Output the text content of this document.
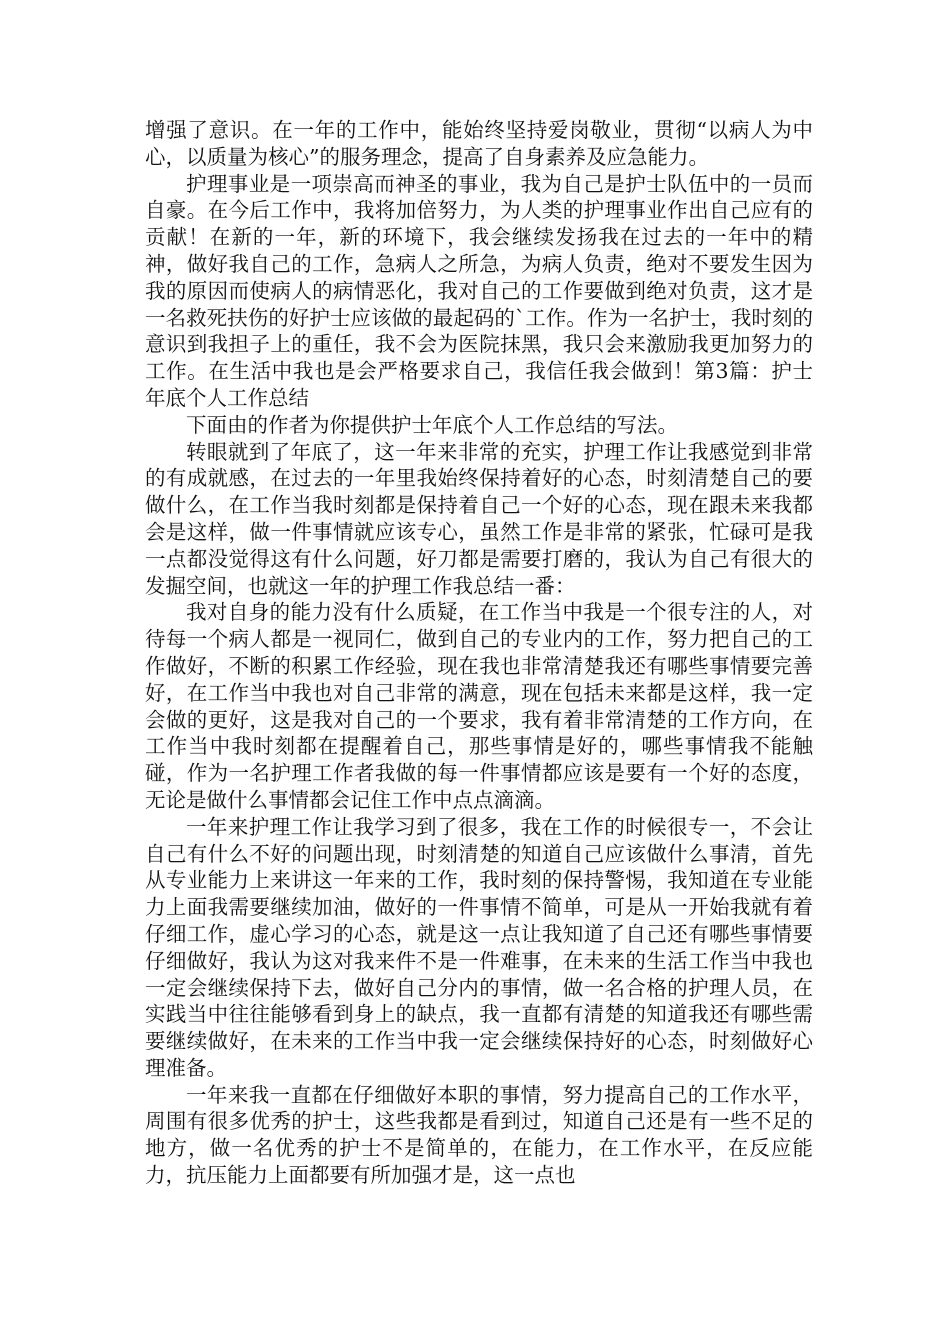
增强了意识。在一年的工作中，能始终坚持爱岗敬业，贯彻“以病人为中心，以质量为核心”的服务理念，提高了自身素养及应急能力。

护理事业是一项崇高而神圣的事业，我为自己是护士队伍中的一员而自豪。在今后工作中，我将加倍努力，为人类的护理事业作出自己应有的贡献！在新的一年，新的环境下，我会继续发扬我在过去的一年中的精神，做好我自己的工作，急病人之所急，为病人负责，绝对不要发生因为我的原因而使病人的病情恶化，我对自己的工作要做到绝对负责，这才是一名救死扶伤的好护士应该做的最起码的`工作。作为一名护士，我时刻的意识到我担子上的重任，我不会为医院抹黑，我只会来激励我更加努力的工作。在生活中我也是会严格要求自己，我信任我会做到！第3篇：护士年底个人工作总结

下面由的作者为你提供护士年底个人工作总结的写法。

转眼就到了年底了，这一年来非常的充实，护理工作让我感觉到非常的有成就感，在过去的一年里我始终保持着好的心态，时刻清楚自己的要做什么，在工作当我时刻都是保持着自己一个好的心态，现在跟未来我都会是这样，做一件事情就应该专心，虽然工作是非常的紧张，忙碌可是我一点都没觉得这有什么问题，好刀都是需要打磨的，我认为自己有很大的发掘空间，也就这一年的护理工作我总结一番：

我对自身的能力没有什么质疑，在工作当中我是一个很专注的人，对待每一个病人都是一视同仁，做到自己的专业内的工作，努力把自己的工作做好，不断的积累工作经验，现在我也非常清楚我还有哪些事情要完善好，在工作当中我也对自己非常的满意，现在包括未来都是这样，我一定会做的更好，这是我对自己的一个要求，我有着非常清楚的工作方向，在工作当中我时刻都在提醒着自己，那些事情是好的，哪些事情我不能触碰，作为一名护理工作者我做的每一件事情都应该是要有一个好的态度，无论是做什么事情都会记住工作中点点滴滴。

一年来护理工作让我学习到了很多，我在工作的时候很专一，不会让自己有什么不好的问题出现，时刻清楚的知道自己应该做什么事清，首先从专业能力上来讲这一年来的工作，我时刻的保持警惕，我知道在专业能力上面我需要继续加油，做好的一件事情不简单，可是从一开始我就有着仔细工作，虚心学习的心态，就是这一点让我知道了自己还有哪些事情要仔细做好，我认为这对我来件不是一件难事，在未来的生活工作当中我也一定会继续保持下去，做好自己分内的事情，做一名合格的护理人员，在实践当中往往能够看到身上的缺点，我一直都有清楚的知道我还有哪些需要继续做好，在未来的工作当中我一定会继续保持好的心态，时刻做好心理准备。

一年来我一直都在仔细做好本职的事情，努力提高自己的工作水平，周围有很多优秀的护士，这些我都是看到过，知道自己还是有一些不足的地方，做一名优秀的护士不是简单的，在能力，在工作水平，在反应能力，抗压能力上面都要有所加强才是，这一点也
